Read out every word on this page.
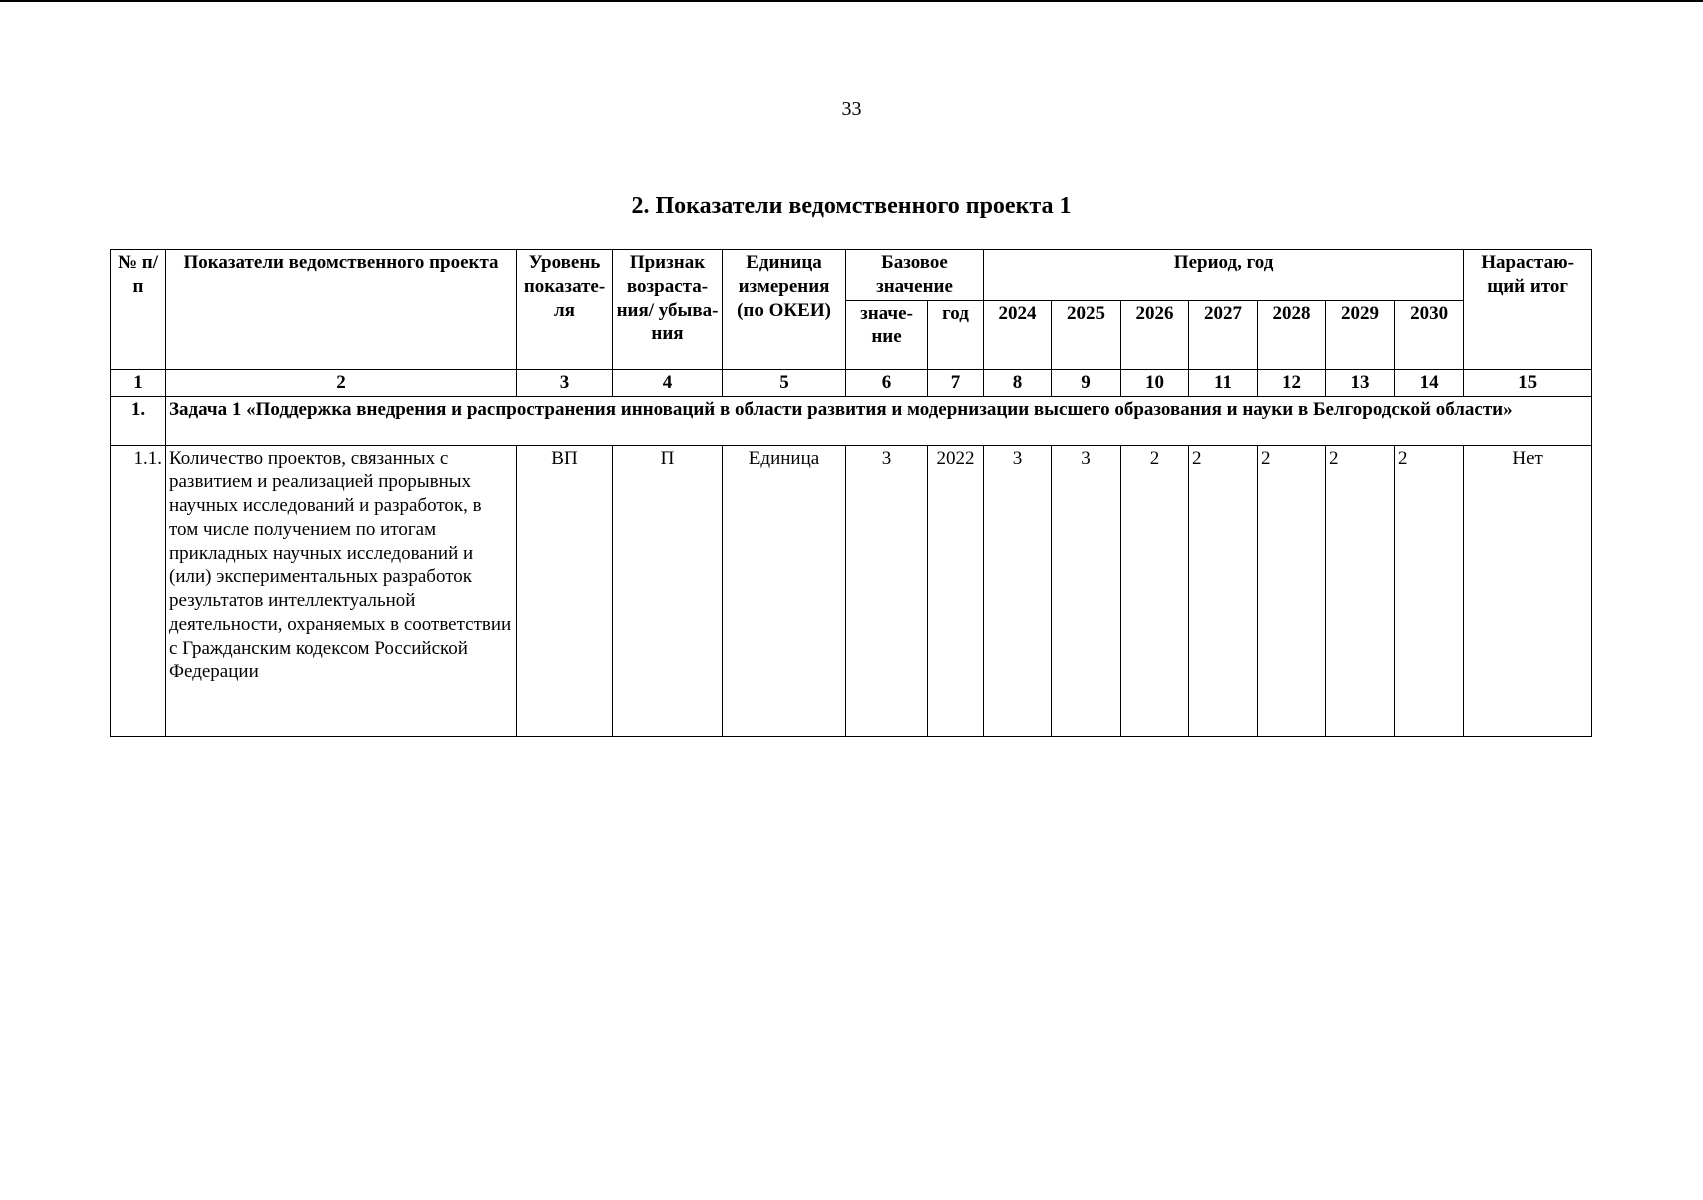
33
2. Показатели ведомственного проекта 1
№ п/п	Показатели ведомственного проекта	Уровень показате-ля	Признак возраста-ния/ убыва-ния	Единица измерения (по ОКЕИ)	Базовое значение		Период, год							Нарастаю-щий итог
					значе-ние	год	2024	2025	2026	2027	2028	2029	2030	
1	2	3	4	5	6	7	8	9	10	11	12	13	14	15
1.	Задача 1 «Поддержка внедрения и распространения инноваций в области развития и модернизации высшего образования и науки в Белгородской области»													
1.1.	Количество проектов, связанных с развитием и реализацией прорывных научных исследований и разработок, в том числе получением по итогам прикладных научных исследований и (или) экспериментальных разработок результатов интеллектуальной деятельности, охраняемых в соответствии с Гражданским кодексом Российской Федерации	ВП	П	Единица	3	2022	3	3	2	2	2	2	2	Нет
